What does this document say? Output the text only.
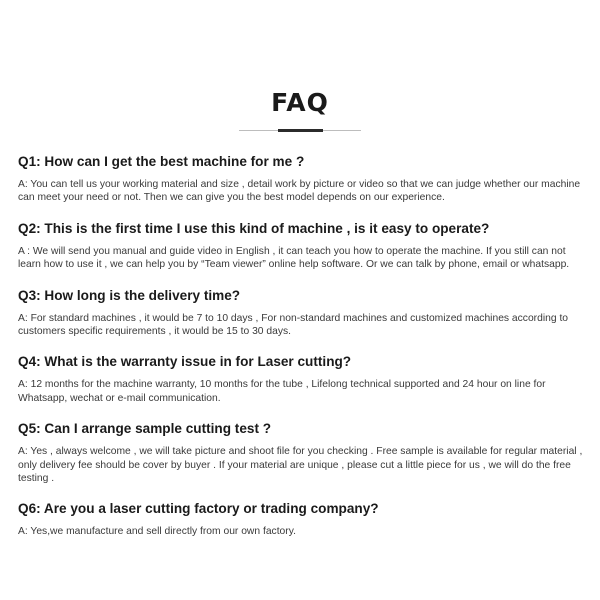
FAQ

Q1: How can I get the best machine for me ?

A: You can tell us your working material and size , detail work by picture or video so that we can judge whether our machine can meet your need or not. Then we can give you the best model depends on our experience.

Q2: This is the first time I use this kind of machine , is it easy to operate?

A : We will send you manual and guide video in English , it can teach you how to operate the machine. If you still can not learn how to use it , we can help you by “Team viewer” online help software. Or we can talk by phone, email or whatsapp.

Q3: How long is the delivery time?

A: For standard machines , it would be 7 to 10 days , For non-standard machines and customized machines according to customers specific requirements , it would be 15 to 30 days.

Q4: What is the warranty issue in for Laser cutting?

A: 12 months for the machine warranty, 10 months for the tube , Lifelong technical supported and 24 hour on line for Whatsapp, wechat or e-mail communication.

Q5: Can I arrange sample cutting test ?

A: Yes , always welcome , we will take picture and shoot file for you checking . Free sample is available for regular material , only delivery fee should be cover by buyer . If your material are unique , please cut a little piece for us , we will do the free testing .

Q6: Are you a laser cutting factory or trading company?

A: Yes,we manufacture and sell directly from our own factory.
